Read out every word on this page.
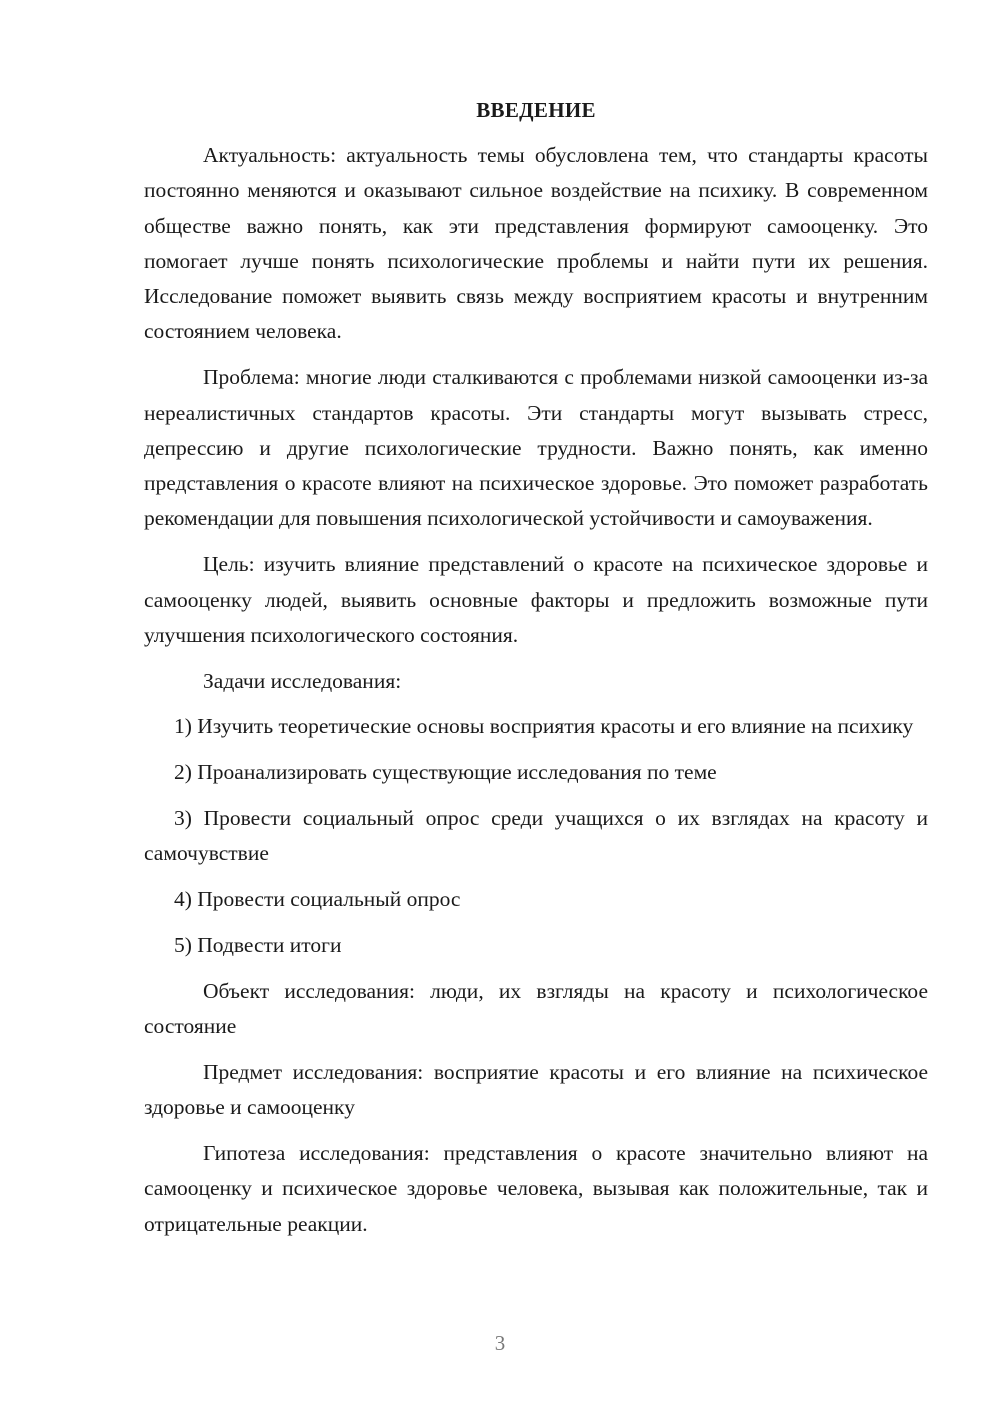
ВВЕДЕНИЕ

Актуальность: актуальность темы обусловлена тем, что стандарты красоты постоянно меняются и оказывают сильное воздействие на психику. В современном обществе важно понять, как эти представления формируют самооценку. Это помогает лучше понять психологические проблемы и найти пути их решения. Исследование поможет выявить связь между восприятием красоты и внутренним состоянием человека.

Проблема: многие люди сталкиваются с проблемами низкой самооценки из-за нереалистичных стандартов красоты. Эти стандарты могут вызывать стресс, депрессию и другие психологические трудности. Важно понять, как именно представления о красоте влияют на психическое здоровье. Это поможет разработать рекомендации для повышения психологической устойчивости и самоуважения.

Цель: изучить влияние представлений о красоте на психическое здоровье и самооценку людей, выявить основные факторы и предложить возможные пути улучшения психологического состояния.

Задачи исследования:

1) Изучить теоретические основы восприятия красоты и его влияние на психику

2) Проанализировать существующие исследования по теме

3) Провести социальный опрос среди учащихся о их взглядах на красоту и самочувствие

4) Провести социальный опрос

5) Подвести итоги

Объект исследования: люди, их взгляды на красоту и психологическое состояние

Предмет исследования: восприятие красоты и его влияние на психическое здоровье и самооценку

Гипотеза исследования: представления о красоте значительно влияют на самооценку и психическое здоровье человека, вызывая как положительные, так и отрицательные реакции.

3
